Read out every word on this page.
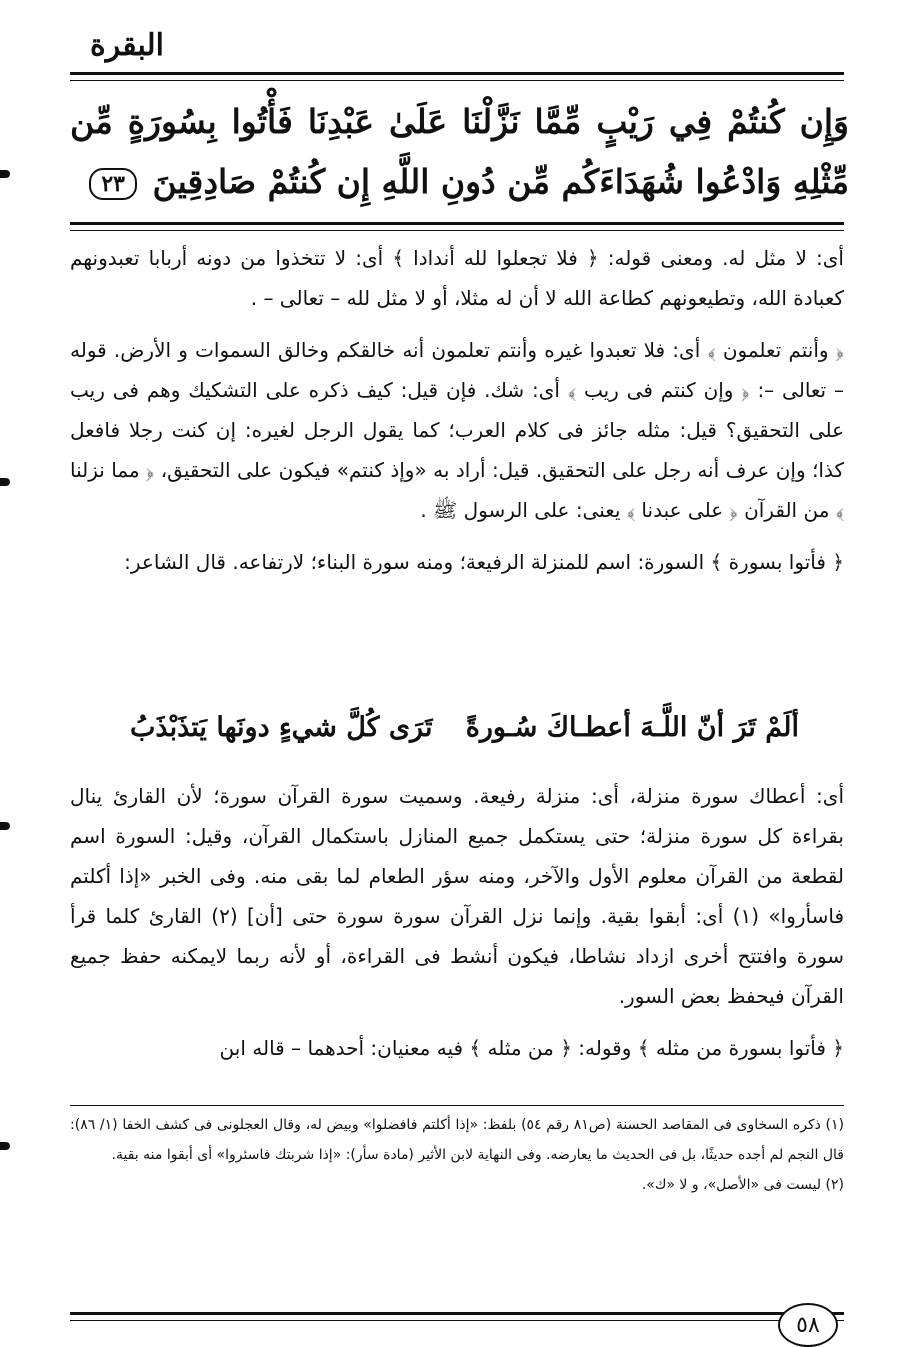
البقرة
وَإِن كُنتُمْ فِي رَيْبٍ مِّمَّا نَزَّلْنَا عَلَىٰ عَبْدِنَا فَأْتُوا بِسُورَةٍ مِّن مِّثْلِهِ وَادْعُوا شُهَدَاءَكُم مِّن دُونِ اللَّهِ إِن كُنتُمْ صَادِقِينَ ٢٣

أى: لا مثل له. ومعنى قوله: ﴿ فلا تجعلوا لله أندادا ﴾ أى: لا تتخذوا من دونه أربابا تعبدونهم كعبادة الله، وتطيعونهم كطاعة الله لا أن له مثلا، أو لا مثل لله – تعالى – .

﴿ وأنتم تعلمون ﴾ أى: فلا تعبدوا غيره وأنتم تعلمون أنه خالقكم وخالق السموات و الأرض. قوله – تعالى –: ﴿ وإن كنتم فى ريب ﴾ أى: شك. فإن قيل: كيف ذكره على التشكيك وهم فى ريب على التحقيق؟ قيل: مثله جائز فى كلام العرب؛ كما يقول الرجل لغيره: إن كنت رجلا فافعل كذا؛ وإن عرف أنه رجل على التحقيق. قيل: أراد به «وإذ كنتم» فيكون على التحقيق، ﴿ مما نزلنا ﴾ من القرآن ﴿ على عبدنا ﴾ يعنى: على الرسول ﷺ .

﴿ فأتوا بسورة ﴾ السورة: اسم للمنزلة الرفيعة؛ ومنه سورة البناء؛ لارتفاعه. قال الشاعر:

ألَمْ تَرَ أنّ اللَّـهَ أعطـاكَ سُـورةً
تَرَى كُلَّ شيءٍ دونَها يَتذَبْذَبُ

أى: أعطاك سورة منزلة، أى: منزلة رفيعة. وسميت سورة القرآن سورة؛ لأن القارئ ينال بقراءة كل سورة منزلة؛ حتى يستكمل جميع المنازل باستكمال القرآن، وقيل: السورة اسم لقطعة من القرآن معلوم الأول والآخر، ومنه سؤر الطعام لما بقى منه. وفى الخبر «إذا أكلتم فاسأروا» (١) أى: أبقوا بقية. وإنما نزل القرآن سورة سورة حتى [أن] (٢) القارئ كلما قرأ سورة وافتتح أخرى ازداد نشاطا، فيكون أنشط فى القراءة، أو لأنه ربما لايمكنه حفظ جميع القرآن فيحفظ بعض السور.

﴿ فأتوا بسورة من مثله ﴾ وقوله: ﴿ من مثله ﴾ فيه معنيان: أحدهما – قاله ابن

(١) ذكره السخاوى فى المقاصد الحسنة (ص٨١ رقم ٥٤) بلفظ: «إذا أكلتم فافضلوا» وبيض له، وقال العجلونى فى كشف الخفا (١/ ٨٦): قال النجم لم أجده حديثًا، بل فى الحديث ما يعارضه. وفى النهاية لابن الأثير (مادة سأر): «إذا شربتك فاسئروا» أى أبقوا منه بقية.
(٢) ليست فى «الأصل»، و لا «ك».
٥٨
